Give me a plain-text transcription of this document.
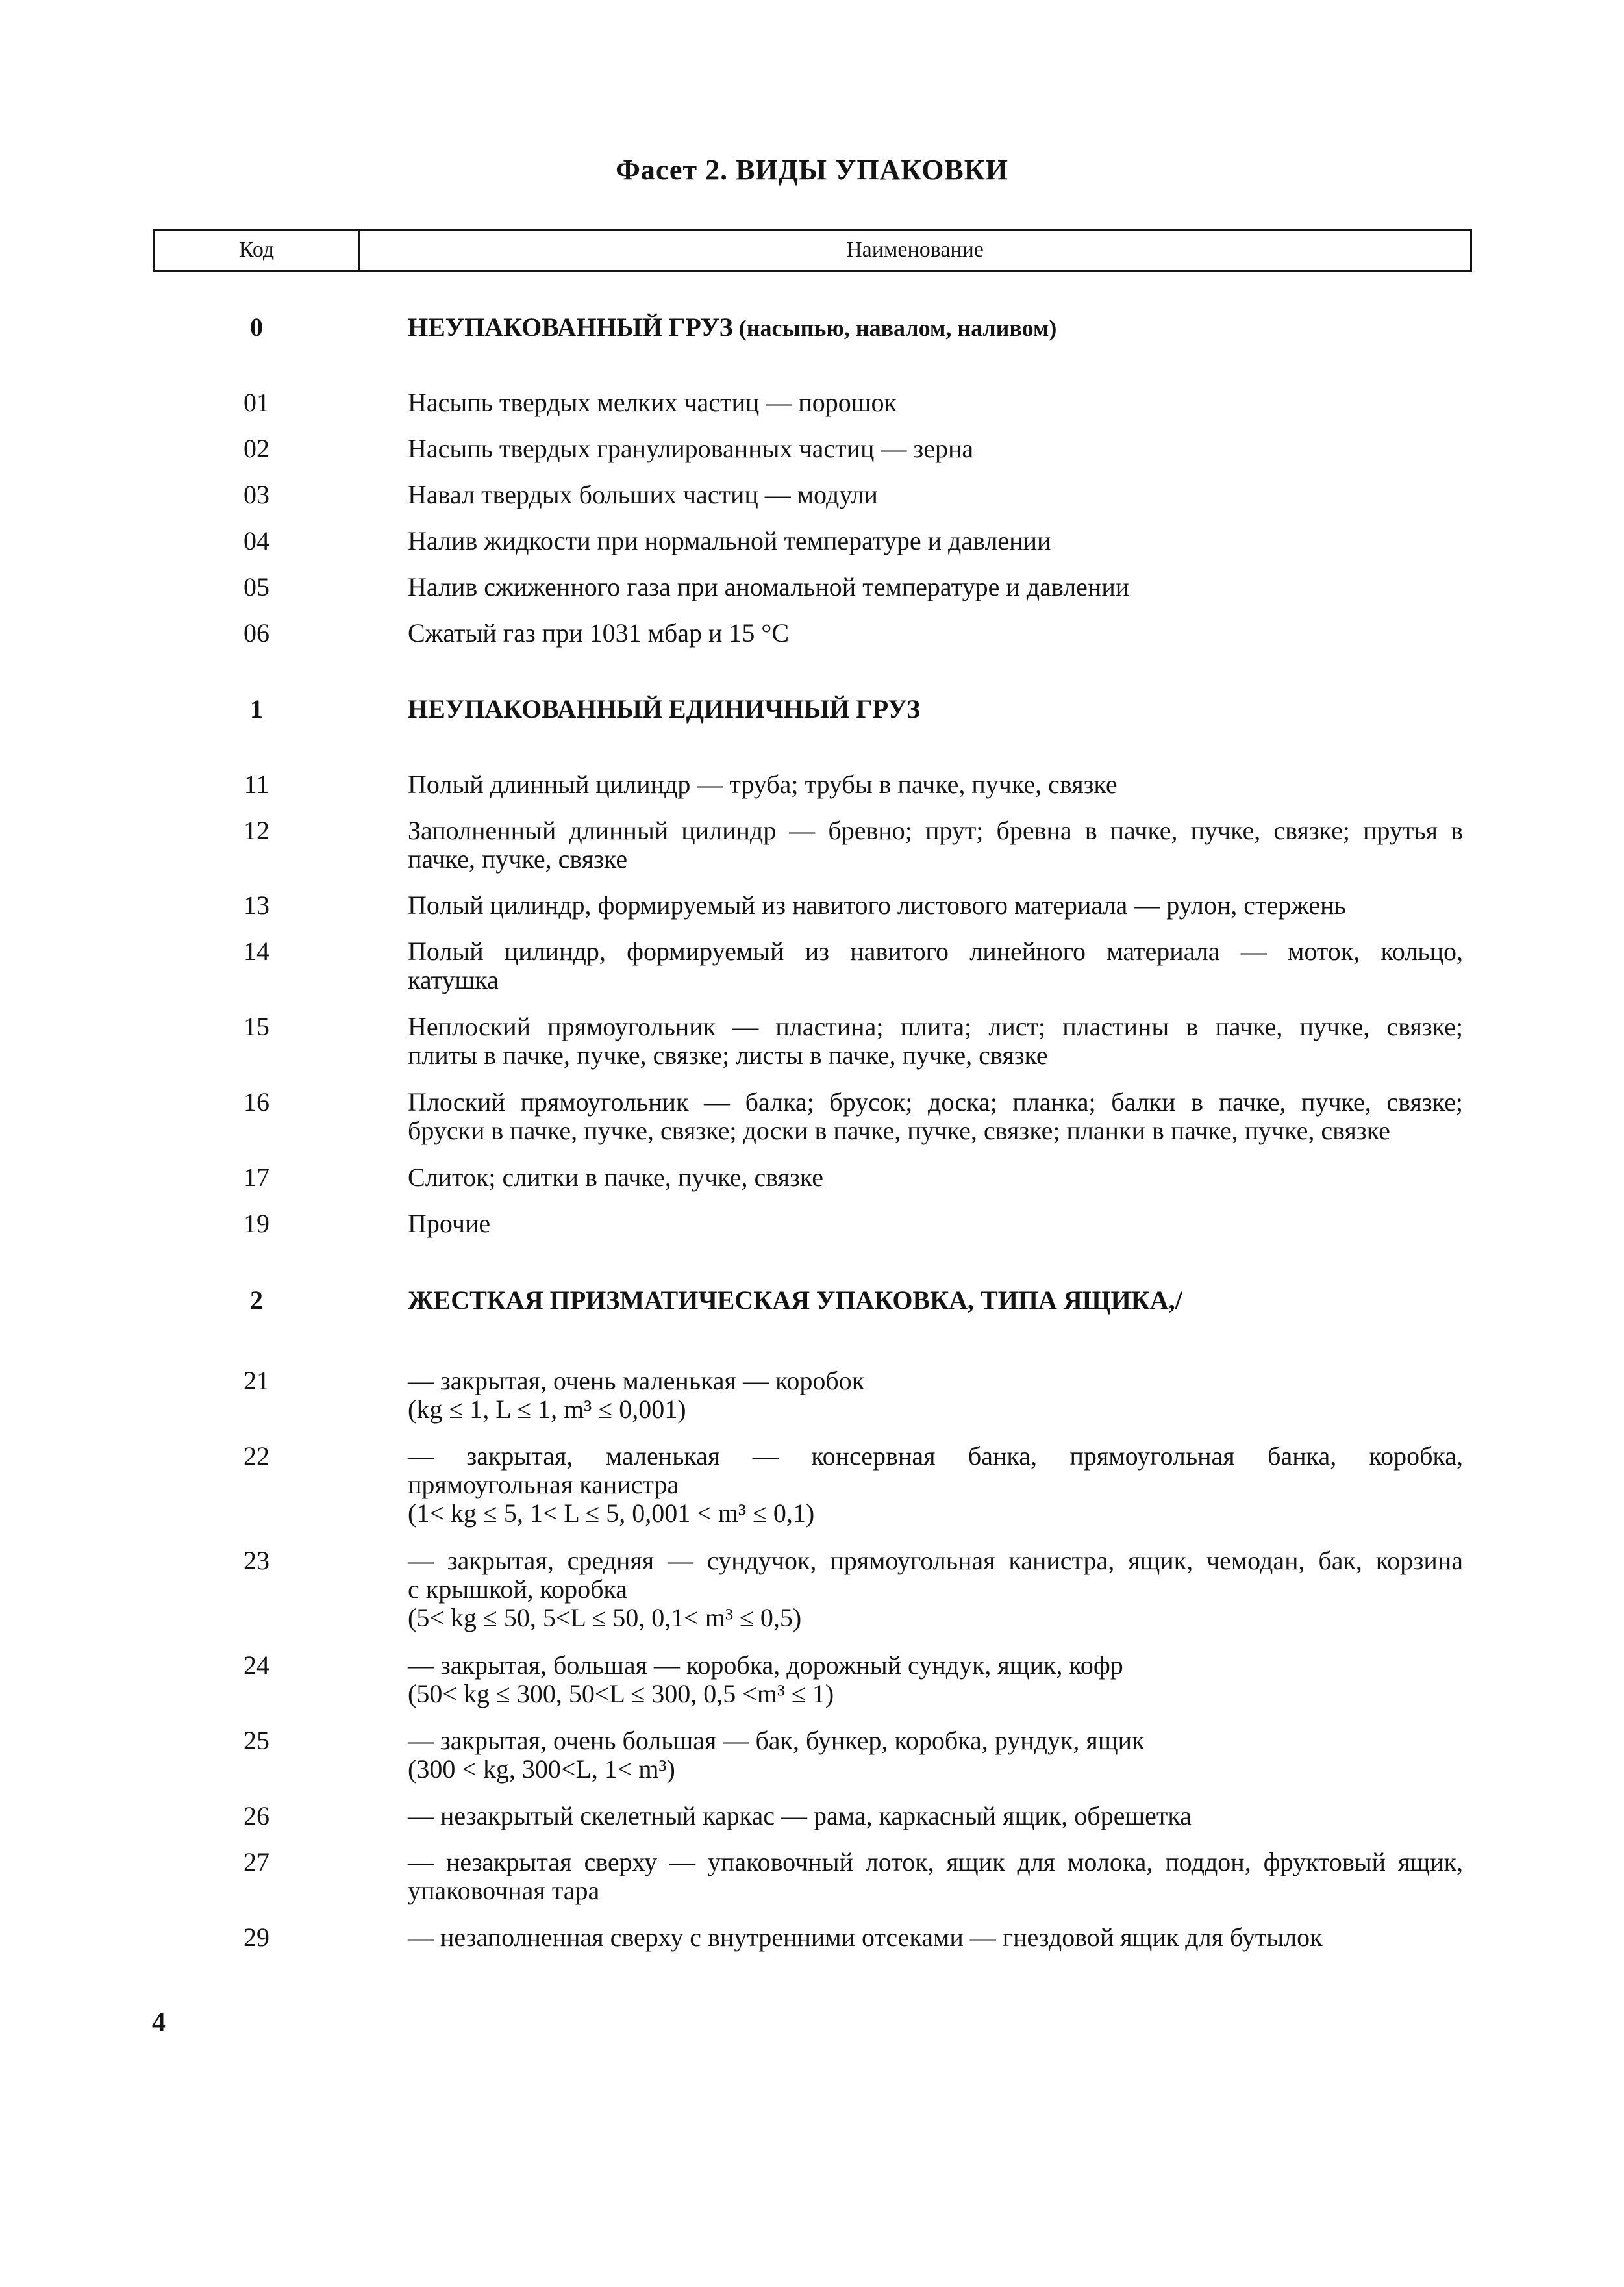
Фасет 2. ВИДЫ УПАКОВКИ
Код	Наименование
0	НЕУПАКОВАННЫЙ ГРУЗ (насыпью, навалом, наливом)
01	Насыпь твердых мелких частиц — порошок
02	Насыпь твердых гранулированных частиц — зерна
03	Навал твердых больших частиц — модули
04	Налив жидкости при нормальной температуре и давлении
05	Налив сжиженного газа при аномальной температуре и давлении
06	Сжатый газ при 1031 мбар и 15 °С
1	НЕУПАКОВАННЫЙ ЕДИНИЧНЫЙ ГРУЗ
11	Полый длинный цилиндр — труба; трубы в пачке, пучке, связке
12	Заполненный длинный цилиндр — бревно; прут; бревна в пачке, пучке, связке; прутья в
пачке, пучке, связке
13	Полый цилиндр, формируемый из навитого листового материала — рулон, стержень
14	Полый цилиндр, формируемый из навитого линейного материала — моток, кольцо,
катушка
15	Неплоский прямоугольник — пластина; плита; лист; пластины в пачке, пучке, связке;
плиты в пачке, пучке, связке; листы в пачке, пучке, связке
16	Плоский прямоугольник — балка; брусок; доска; планка; балки в пачке, пучке, связке;
бруски в пачке, пучке, связке; доски в пачке, пучке, связке; планки в пачке, пучке, связке
17	Слиток; слитки в пачке, пучке, связке
19	Прочие
2	ЖЕСТКАЯ ПРИЗМАТИЧЕСКАЯ УПАКОВКА, ТИПА ЯЩИКА,/
21	— закрытая, очень маленькая — коробок
(kg ≤ 1, L ≤ 1, m³ ≤ 0,001)
22	— закрытая, маленькая — консервная банка, прямоугольная банка, коробка,
прямоугольная канистра
(1< kg ≤ 5, 1< L ≤ 5, 0,001 < m³ ≤ 0,1)
23	— закрытая, средняя — сундучок, прямоугольная канистра, ящик, чемодан, бак, корзина
с крышкой, коробка
(5< kg ≤ 50, 5<L ≤ 50, 0,1< m³ ≤ 0,5)
24	— закрытая, большая — коробка, дорожный сундук, ящик, кофр
(50< kg ≤ 300, 50<L ≤ 300, 0,5 <m³ ≤ 1)
25	— закрытая, очень большая — бак, бункер, коробка, рундук, ящик
(300 < kg, 300<L, 1< m³)
26	— незакрытый скелетный каркас — рама, каркасный ящик, обрешетка
27	— незакрытая сверху — упаковочный лоток, ящик для молока, поддон, фруктовый ящик,
упаковочная тара
29	— незаполненная сверху с внутренними отсеками — гнездовой ящик для бутылок
4
